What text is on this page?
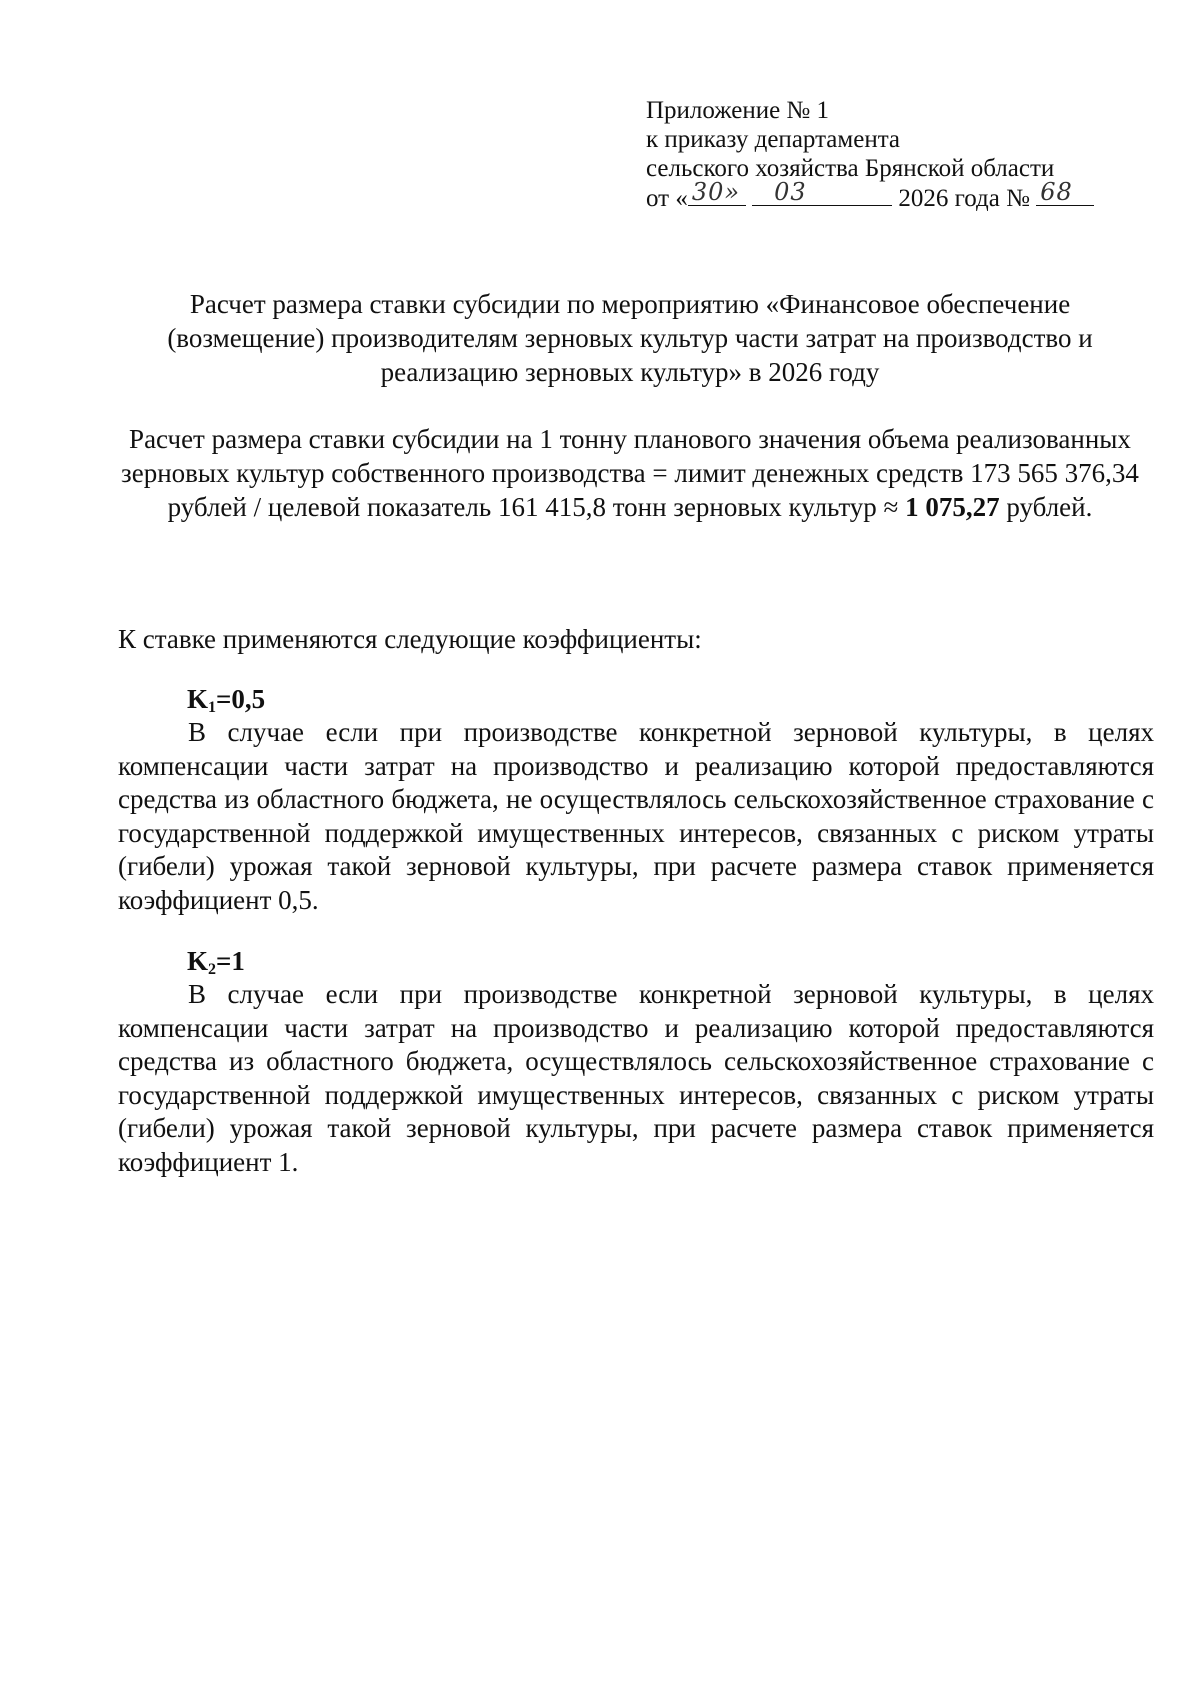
Приложение № 1
к приказу департамента
сельского хозяйства Брянской области
от « 30»
03	2026 года № 68
Расчет размера ставки субсидии по мероприятию «Финансовое обеспечение (возмещение) производителям зерновых культур части затрат на производство и реализацию зерновых культур» в 2026 году
Расчет размера ставки субсидии на 1 тонну планового значения объема реализованных зерновых культур собственного производства = лимит денежных средств 173 565 376,34 рублей / целевой показатель 161 415,8 тонн зерновых культур ≈ 1 075,27 рублей.
К ставке применяются следующие коэффициенты:
$K_1=0,5$
В случае если при производстве конкретной зерновой культуры, в целях компенсации части затрат на производство и реализацию которой предоставляются средства из областного бюджета, не осуществлялось сельскохозяйственное страхование с государственной поддержкой имущественных интересов, связанных с риском утраты (гибели) урожая такой зерновой культуры, при расчете размера ставок применяется коэффициент 0,5.
$K_2=1$
В случае если при производстве конкретной зерновой культуры, в целях компенсации части затрат на производство и реализацию которой предоставляются средства из областного бюджета, осуществлялось сельскохозяйственное страхование с государственной поддержкой имущественных интересов, связанных с риском утраты (гибели) урожая такой зерновой культуры, при расчете размера ставок применяется коэффициент 1.
